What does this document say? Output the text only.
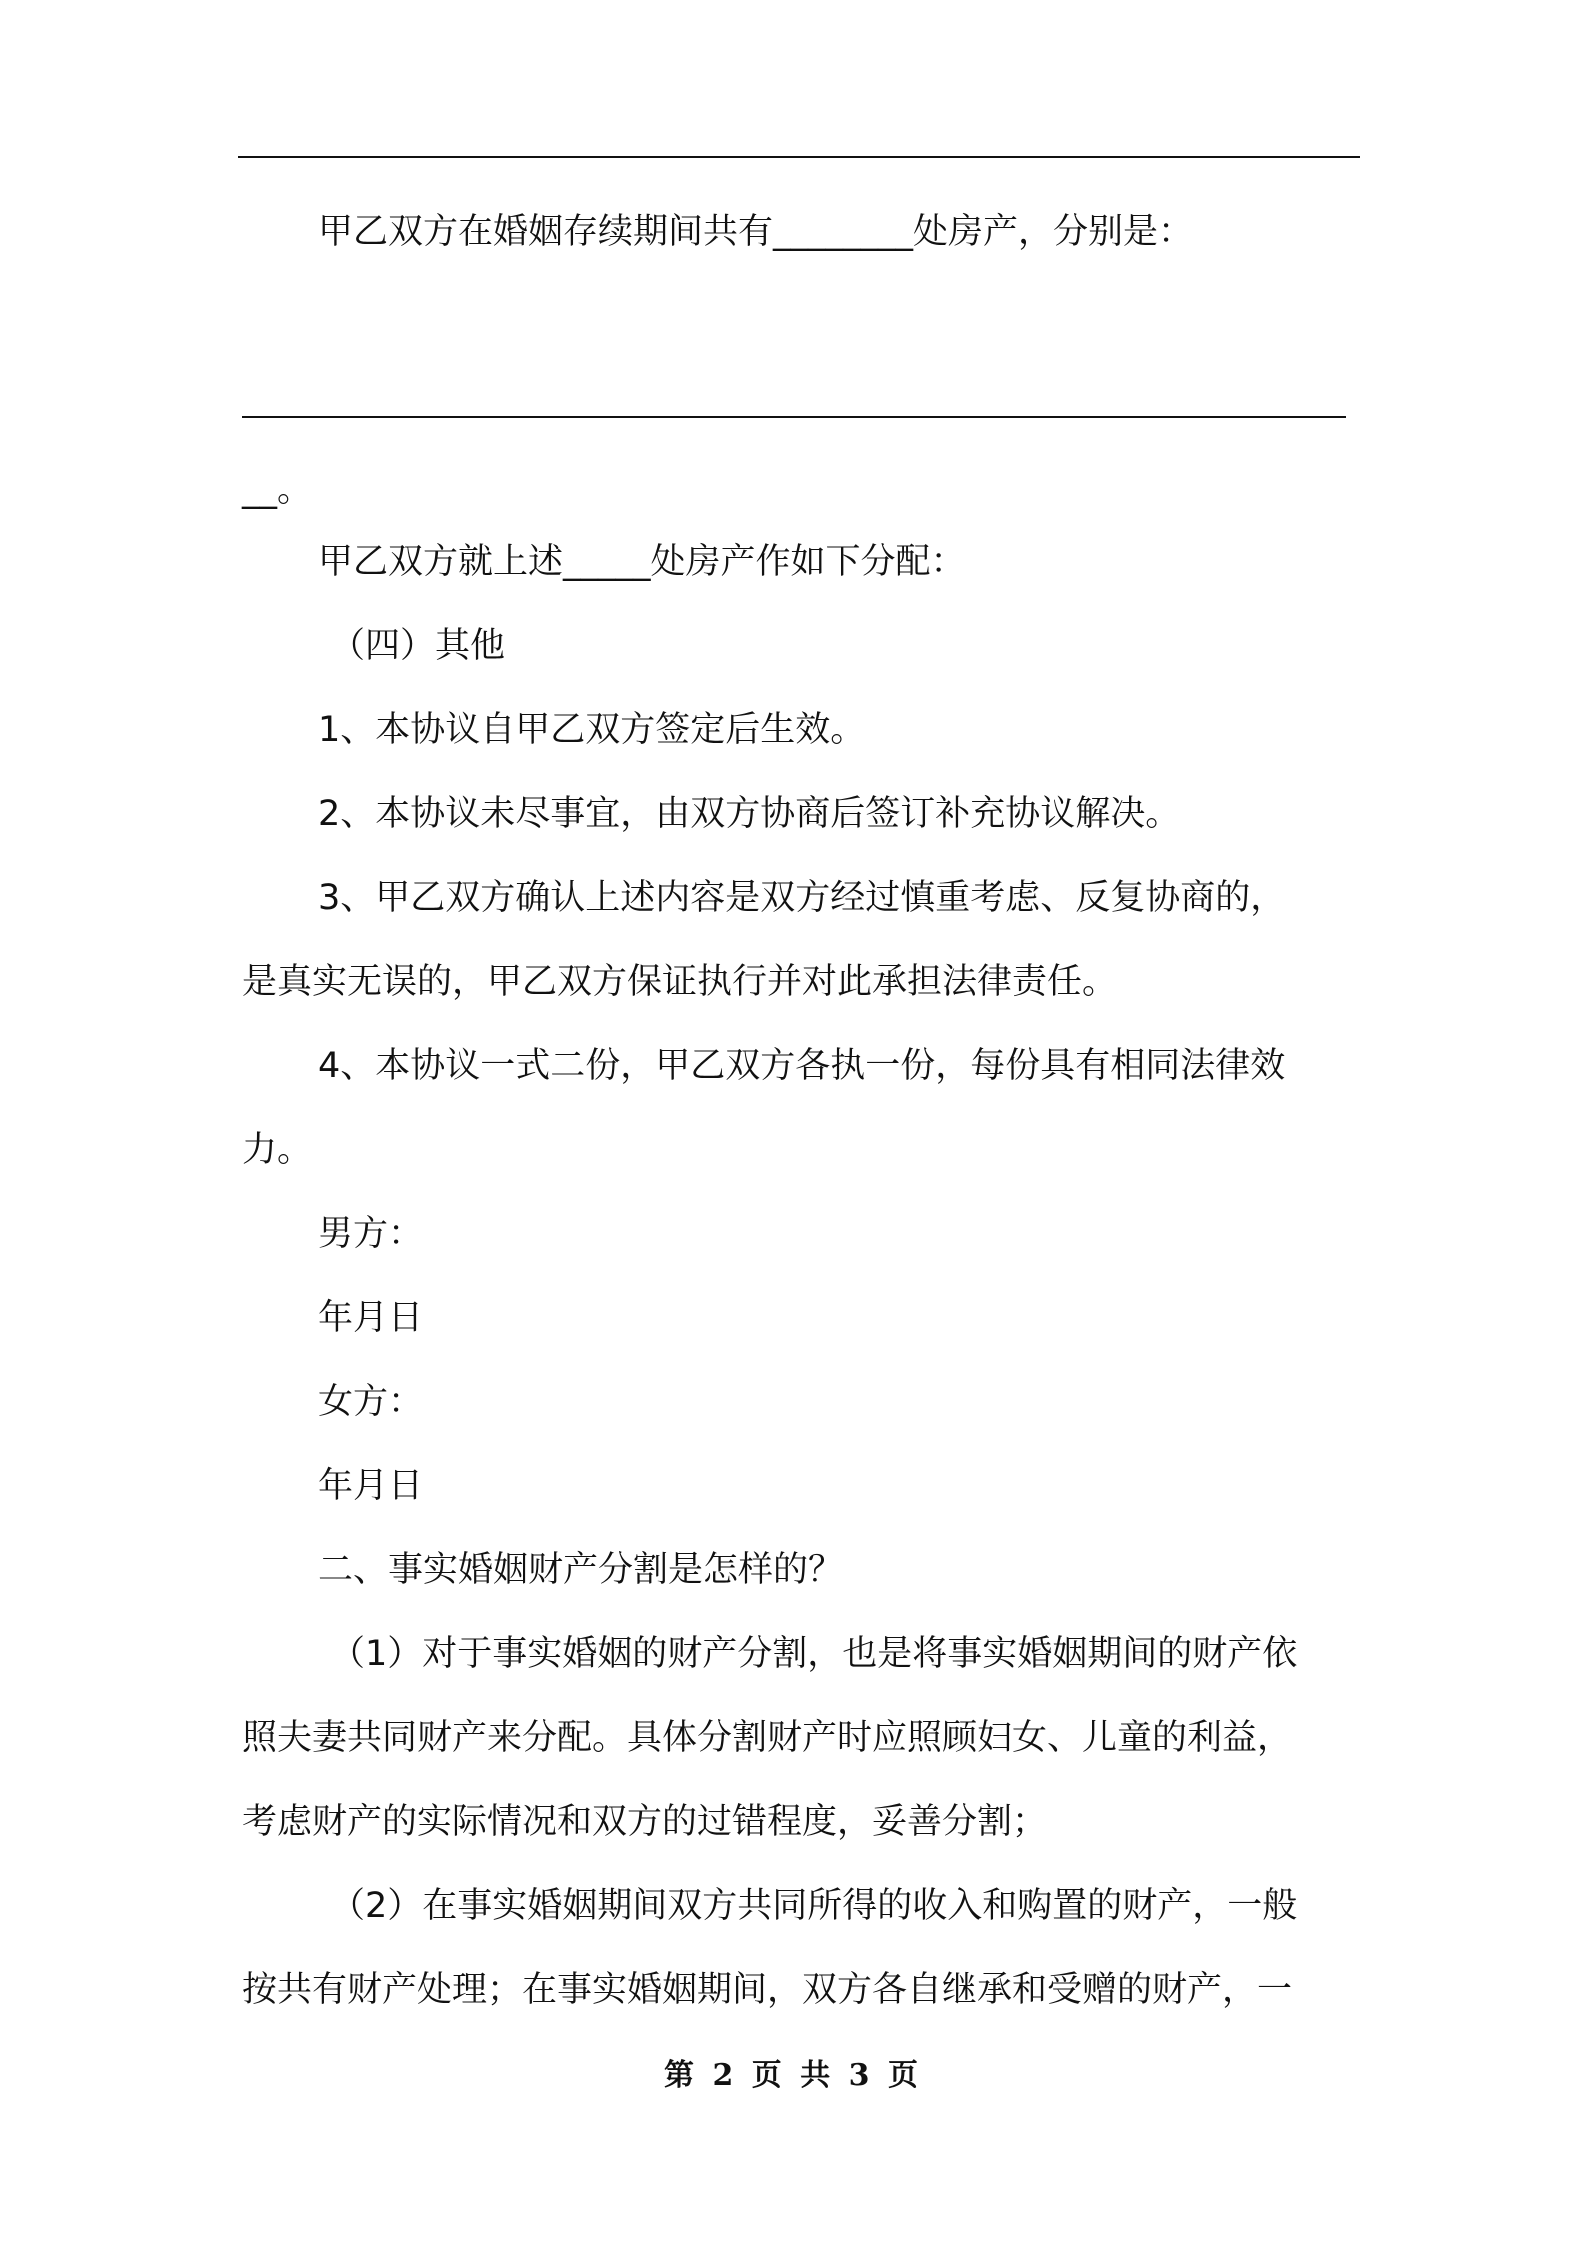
甲乙双方在婚姻存续期间共有________处房产，分别是：
__。
甲乙双方就上述_____处房产作如下分配：
（四）其他
1、本协议自甲乙双方签定后生效。
2、本协议未尽事宜，由双方协商后签订补充协议解决。
3、甲乙双方确认上述内容是双方经过慎重考虑、反复协商的，
是真实无误的，甲乙双方保证执行并对此承担法律责任。
4、本协议一式二份，甲乙双方各执一份，每份具有相同法律效
力。
男方：
年月日
女方：
年月日
二、事实婚姻财产分割是怎样的？
（1）对于事实婚姻的财产分割，也是将事实婚姻期间的财产依
照夫妻共同财产来分配。具体分割财产时应照顾妇女、儿童的利益，
考虑财产的实际情况和双方的过错程度，妥善分割；
（2）在事实婚姻期间双方共同所得的收入和购置的财产，一般
按共有财产处理；在事实婚姻期间，双方各自继承和受赠的财产，一
第 2 页 共 3 页
